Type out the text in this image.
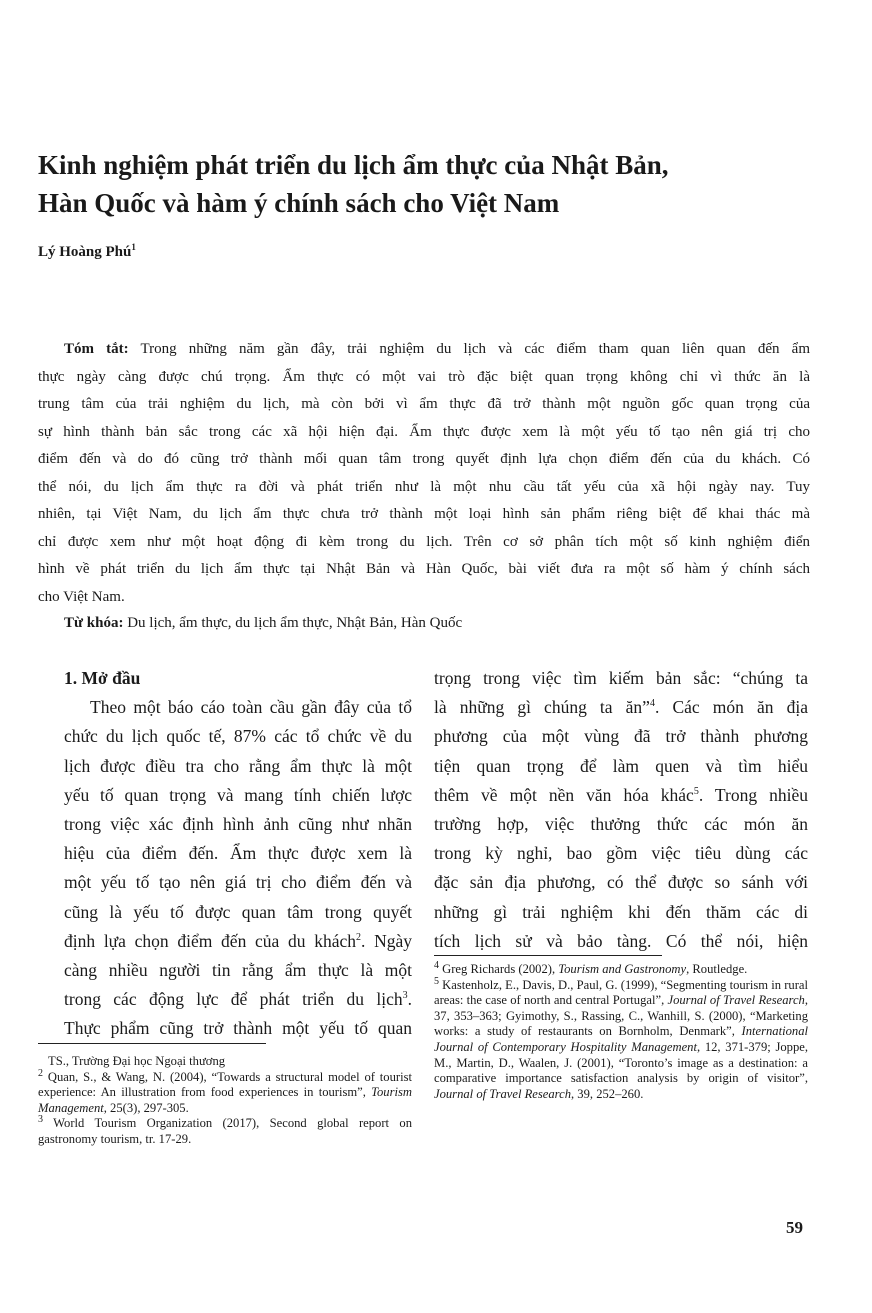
Kinh nghiệm phát triển du lịch ẩm thực của Nhật Bản,
Hàn Quốc và hàm ý chính sách cho Việt Nam
Lý Hoàng Phú$^1$
Tóm tắt: Trong những năm gần đây, trải nghiệm du lịch và các điểm tham quan liên quan đến ẩm
thực ngày càng được chú trọng. Ẩm thực có một vai trò đặc biệt quan trọng không chỉ vì thức ăn là
trung tâm của trải nghiệm du lịch, mà còn bởi vì ẩm thực đã trở thành một nguồn gốc quan trọng của
sự hình thành bản sắc trong các xã hội hiện đại. Ẩm thực được xem là một yếu tố tạo nên giá trị cho
điểm đến và do đó cũng trở thành mối quan tâm trong quyết định lựa chọn điểm đến của du khách. Có
thể nói, du lịch ẩm thực ra đời và phát triển như là một nhu cầu tất yếu của xã hội ngày nay. Tuy
nhiên, tại Việt Nam, du lịch ẩm thực chưa trở thành một loại hình sản phẩm riêng biệt để khai thác mà
chỉ được xem như một hoạt động đi kèm trong du lịch. Trên cơ sở phân tích một số kinh nghiệm điển
hình về phát triển du lịch ẩm thực tại Nhật Bản và Hàn Quốc, bài viết đưa ra một số hàm ý chính sách
cho Việt Nam.
Từ khóa: Du lịch, ẩm thực, du lịch ẩm thực, Nhật Bản, Hàn Quốc
1. Mở đầu
Theo một báo cáo toàn cầu gần đây của tổ
chức du lịch quốc tế, 87% các tổ chức về du
lịch được điều tra cho rằng ẩm thực là một
yếu tố quan trọng và mang tính chiến lược
trong việc xác định hình ảnh cũng như nhãn
hiệu của điểm đến. Ẩm thực được xem là
một yếu tố tạo nên giá trị cho điểm đến và
cũng là yếu tố được quan tâm trong quyết
định lựa chọn điểm đến của du khách$^2$. Ngày
càng nhiều người tin rằng ẩm thực là một
trong các động lực để phát triển du lịch$^3$.
Thực phẩm cũng trở thành một yếu tố quan
trọng trong việc tìm kiếm bản sắc: “chúng ta
là những gì chúng ta ăn”$^4$. Các món ăn địa
phương của một vùng đã trở thành phương
tiện quan trọng để làm quen và tìm hiểu
thêm về một nền văn hóa khác$^5$. Trong nhiều
trường hợp, việc thưởng thức các món ăn
trong kỳ nghỉ, bao gồm việc tiêu dùng các
đặc sản địa phương, có thể được so sánh với
những gì trải nghiệm khi đến thăm các di
tích lịch sử và bảo tàng. Có thể nói, hiện
$^4$ Greg Richards (2002), Tourism and Gastronomy, Routledge.
$^5$ Kastenholz, E., Davis, D., Paul, G. (1999), “Segmenting tourism in rural areas: the case of north and central Portugal”, Journal of Travel Research, 37, 353–363; Gyimothy, S., Rassing, C., Wanhill, S. (2000), “Marketing works: a study of restaurants on Bornholm, Denmark”, International Journal of Contemporary Hospitality Management, 12, 371-379; Joppe, M., Martin, D., Waalen, J. (2001), “Toronto’s image as a destination: a comparative importance satisfaction analysis by origin of visitor”, Journal of Travel Research, 39, 252–260.
TS., Trường Đại học Ngoại thương
$^2$ Quan, S., & Wang, N. (2004), “Towards a structural model of tourist experience: An illustration from food experiences in tourism”, Tourism Management, 25(3), 297-305.
$^3$ World Tourism Organization (2017), Second global report on gastronomy tourism, tr. 17-29.
59
